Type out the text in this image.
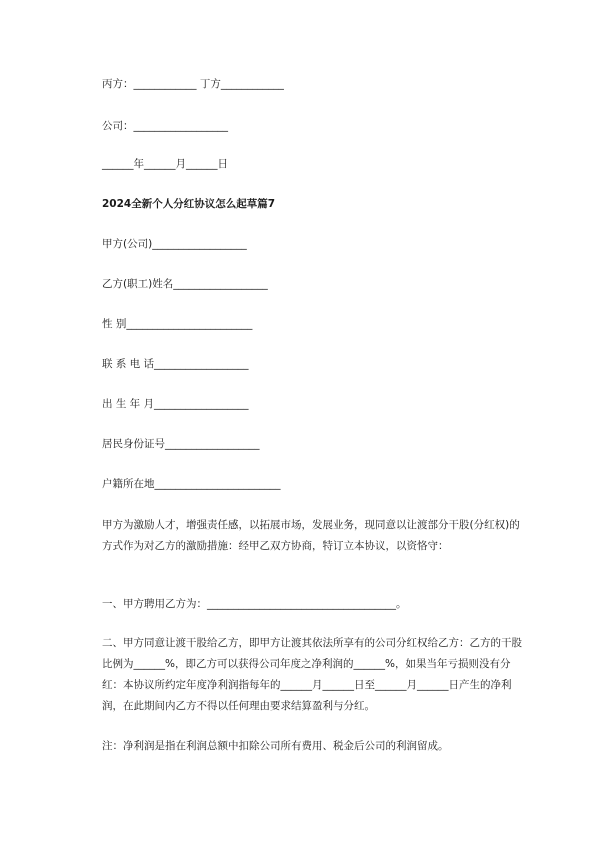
丙方：____________ 丁方____________
公司：__________________
______年______月______日
2024全新个人分红协议怎么起草篇7
甲方(公司)__________________
乙方(职工)姓名__________________
性 别________________________
联 系 电 话__________________
出 生 年 月__________________
居民身份证号__________________
户籍所在地________________________
甲方为激励人才，增强责任感，以拓展市场，发展业务，现同意以让渡部分干股(分红权)的方式作为对乙方的激励措施：经甲乙双方协商，特订立本协议，以资恪守：
一、甲方聘用乙方为：____________________________________。
二、甲方同意让渡干股给乙方，即甲方让渡其依法所享有的公司分红权给乙方：乙方的干股比例为______%，即乙方可以获得公司年度之净利润的______%，如果当年亏损则没有分红：本协议所约定年度净利润指每年的______月______日至______月______日产生的净利润，在此期间内乙方不得以任何理由要求结算盈利与分红。
注：净利润是指在利润总额中扣除公司所有费用、税金后公司的利润留成。
